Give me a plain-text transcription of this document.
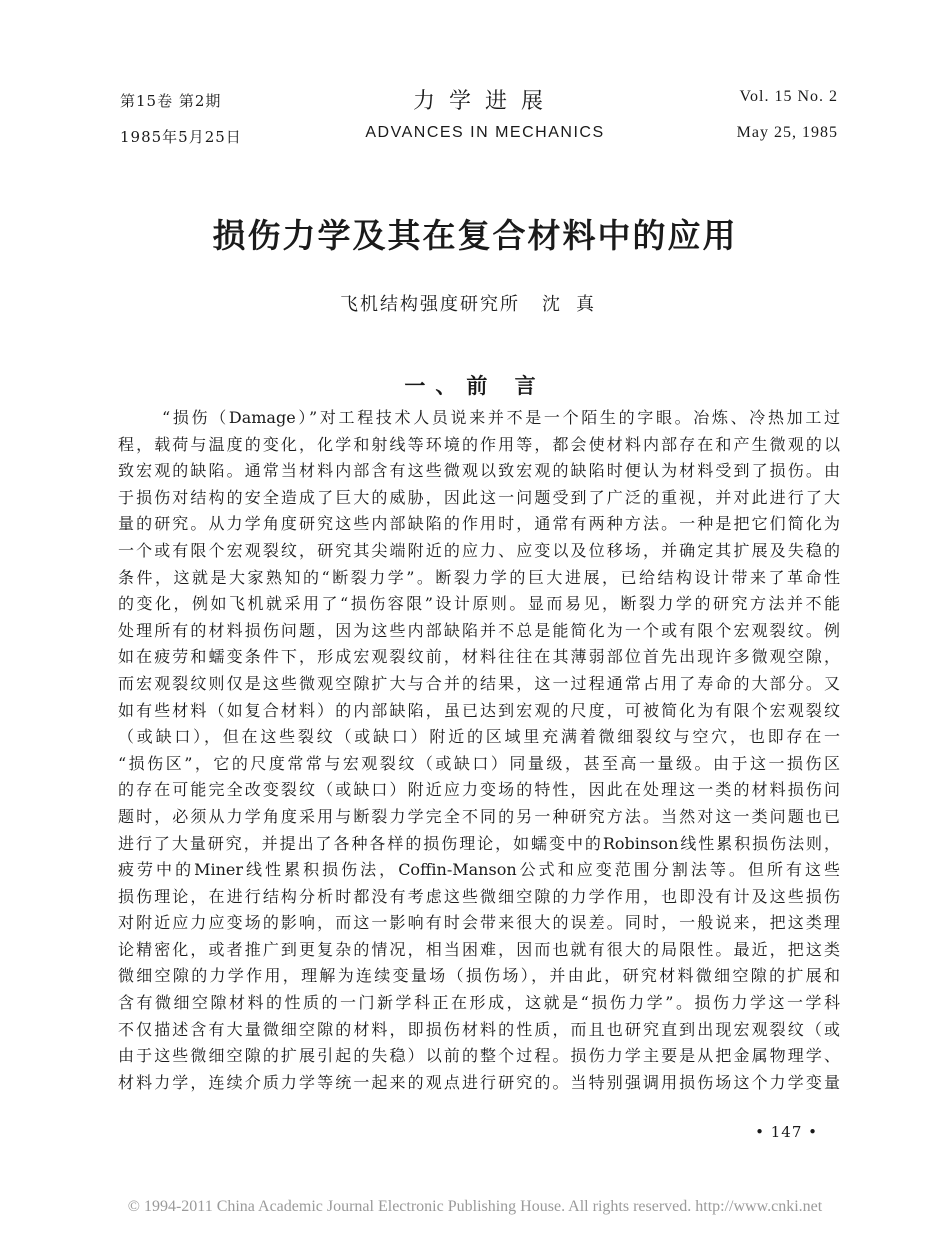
第15卷 第2期
1985年5月25日
力学进展
ADVANCES IN MECHANICS
Vol. 15 No. 2
May 25, 1985
损伤力学及其在复合材料中的应用
飞机结构强度研究所 沈真
一、前 言
“损伤（Damage）”对工程技术人员说来并不是一个陌生的字眼。冶炼、冷热加工过
程，载荷与温度的变化，化学和射线等环境的作用等，都会使材料内部存在和产生微观的以
致宏观的缺陷。通常当材料内部含有这些微观以致宏观的缺陷时便认为材料受到了损伤。由
于损伤对结构的安全造成了巨大的威胁，因此这一问题受到了广泛的重视，并对此进行了大
量的研究。从力学角度研究这些内部缺陷的作用时，通常有两种方法。一种是把它们简化为
一个或有限个宏观裂纹，研究其尖端附近的应力、应变以及位移场，并确定其扩展及失稳的
条件，这就是大家熟知的“断裂力学”。断裂力学的巨大进展，已给结构设计带来了革命性
的变化，例如飞机就采用了“损伤容限”设计原则。显而易见，断裂力学的研究方法并不能
处理所有的材料损伤问题，因为这些内部缺陷并不总是能简化为一个或有限个宏观裂纹。例
如在疲劳和蠕变条件下，形成宏观裂纹前，材料往往在其薄弱部位首先出现许多微观空隙，
而宏观裂纹则仅是这些微观空隙扩大与合并的结果，这一过程通常占用了寿命的大部分。又
如有些材料（如复合材料）的内部缺陷，虽已达到宏观的尺度，可被简化为有限个宏观裂纹
（或缺口），但在这些裂纹（或缺口）附近的区域里充满着微细裂纹与空穴，也即存在一
“损伤区”，它的尺度常常与宏观裂纹（或缺口）同量级，甚至高一量级。由于这一损伤区
的存在可能完全改变裂纹（或缺口）附近应力变场的特性，因此在处理这一类的材料损伤问
题时，必须从力学角度采用与断裂力学完全不同的另一种研究方法。当然对这一类问题也已
进行了大量研究，并提出了各种各样的损伤理论，如蠕变中的Robinson线性累积损伤法则，
疲劳中的Miner线性累积损伤法，Coffin-Manson公式和应变范围分割法等。但所有这些
损伤理论，在进行结构分析时都没有考虑这些微细空隙的力学作用，也即没有计及这些损伤
对附近应力应变场的影响，而这一影响有时会带来很大的误差。同时，一般说来，把这类理
论精密化，或者推广到更复杂的情况，相当困难，因而也就有很大的局限性。最近，把这类
微细空隙的力学作用，理解为连续变量场（损伤场），并由此，研究材料微细空隙的扩展和
含有微细空隙材料的性质的一门新学科正在形成，这就是“损伤力学”。损伤力学这一学科
不仅描述含有大量微细空隙的材料，即损伤材料的性质，而且也研究直到出现宏观裂纹（或
由于这些微细空隙的扩展引起的失稳）以前的整个过程。损伤力学主要是从把金属物理学、
材料力学，连续介质力学等统一起来的观点进行研究的。当特别强调用损伤场这个力学变量
• 147 •
© 1994-2011 China Academic Journal Electronic Publishing House. All rights reserved. http://www.cnki.net
